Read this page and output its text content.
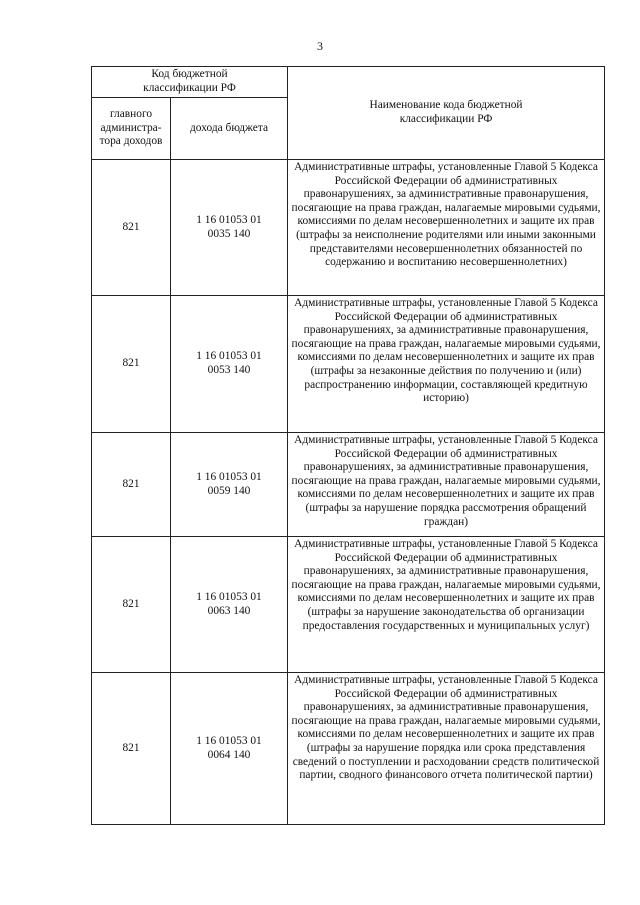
3
Код бюджетной классификации РФ		Наименование кода бюджетной классификации РФ
главного администра-тора доходов	дохода бюджета	
821	1 16 01053 01 0035 140	Административные штрафы, установленные Главой 5 Кодекса Российской Федерации об административных правонарушениях, за административные правонарушения, посягающие на права граждан, налагаемые мировыми судьями, комиссиями по делам несовершеннолетних и защите их прав (штрафы за неисполнение родителями или иными законными представителями несовершеннолетних обязанностей по содержанию и воспитанию несовершеннолетних)
821	1 16 01053 01 0053 140	Административные штрафы, установленные Главой 5 Кодекса Российской Федерации об административных правонарушениях, за административные правонарушения, посягающие на права граждан, налагаемые мировыми судьями, комиссиями по делам несовершеннолетних и защите их прав (штрафы за незаконные действия по получению и (или) распространению информации, составляющей кредитную историю)
821	1 16 01053 01 0059 140	Административные штрафы, установленные Главой 5 Кодекса Российской Федерации об административных правонарушениях, за административные правонарушения, посягающие на права граждан, налагаемые мировыми судьями, комиссиями по делам несовершеннолетних и защите их прав (штрафы за нарушение порядка рассмотрения обращений граждан)
821	1 16 01053 01 0063 140	Административные штрафы, установленные Главой 5 Кодекса Российской Федерации об административных правонарушениях, за административные правонарушения, посягающие на права граждан, налагаемые мировыми судьями, комиссиями по делам несовершеннолетних и защите их прав (штрафы за нарушение законодательства об организации предоставления государственных и муниципальных услуг)
821	1 16 01053 01 0064 140	Административные штрафы, установленные Главой 5 Кодекса Российской Федерации об административных правонарушениях, за административные правонарушения, посягающие на права граждан, налагаемые мировыми судьями, комиссиями по делам несовершеннолетних и защите их прав (штрафы за нарушение порядка или срока представления сведений о поступлении и расходовании средств политической партии, сводного финансового отчета политической партии)
